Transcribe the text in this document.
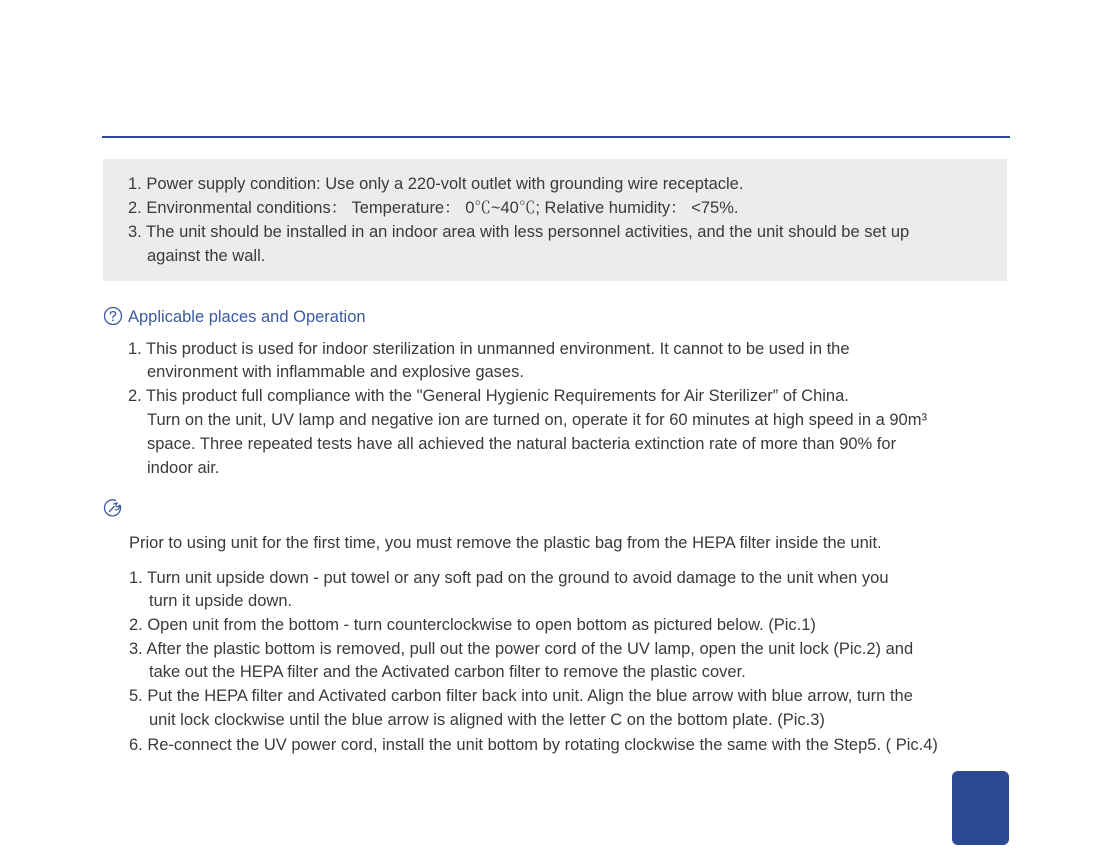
1. Power supply condition: Use only a 220-volt outlet with grounding wire receptacle.
2. Environmental conditions： Temperature： 0℃~40℃; Relative humidity： <75%.
3. The unit should be installed in an indoor area with less personnel activities, and the unit should be set up
against the wall.
Applicable places and Operation
1. This product is used for indoor sterilization in unmanned environment. It cannot to be used in the
environment with inflammable and explosive gases.
2. This product full compliance with the "General Hygienic Requirements for Air Sterilizer” of China.
Turn on the unit, UV lamp and negative ion are turned on, operate it for 60 minutes at high speed in a 90m³
space. Three repeated tests have all achieved the natural bacteria extinction rate of more than 90% for
indoor air.
Prior to using unit for the first time, you must remove the plastic bag from the HEPA filter inside the unit.
1. Turn unit upside down - put towel or any soft pad on the ground to avoid damage to the unit when you
turn it upside down.
2. Open unit from the bottom - turn counterclockwise to open bottom as pictured below. (Pic.1)
3. After the plastic bottom is removed, pull out the power cord of the UV lamp, open the unit lock (Pic.2) and
take out the HEPA filter and the Activated carbon filter to remove the plastic cover.
5. Put the HEPA filter and Activated carbon filter back into unit. Align the blue arrow with blue arrow, turn the
unit lock clockwise until the blue arrow is aligned with the letter C on the bottom plate. (Pic.3)
6. Re-connect the UV power cord, install the unit bottom by rotating clockwise the same with the Step5. ( Pic.4)
